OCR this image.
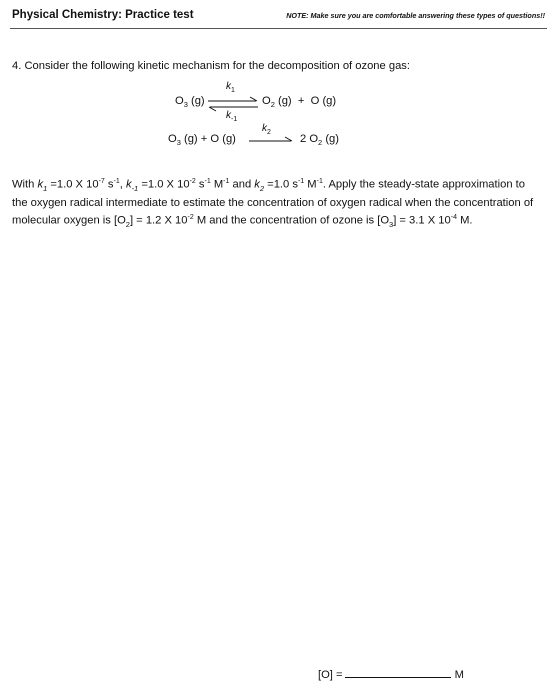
Physical Chemistry: Practice test	NOTE: Make sure you are comfortable answering these types of questions!!
4. Consider the following kinetic mechanism for the decomposition of ozone gas:
$O_3$ (g)
$k_1$
$k_{-1}$
$O_2$ (g) + O (g)
$O_3$ (g) + O (g)
$k_2$
2 $O_2$ (g)
With $k_1 =1.0$ X $10^{-7}$ $s^{-1}$, $k_{-1} =1.0$ X $10^{-2}$ $s^{-1}$ $M^{-1}$ and $k_2 =1.0$ $s^{-1}$ $M^{-1}$. Apply the steady-state approximation to the oxygen radical intermediate to estimate the concentration of oxygen radical when the concentration of molecular oxygen is $[O_2] = 1.2$ X $10^{-2}$ M and the concentration of ozone is $[O_3] = 3.1$ X $10^{-4}$ M.
[O] =	M
